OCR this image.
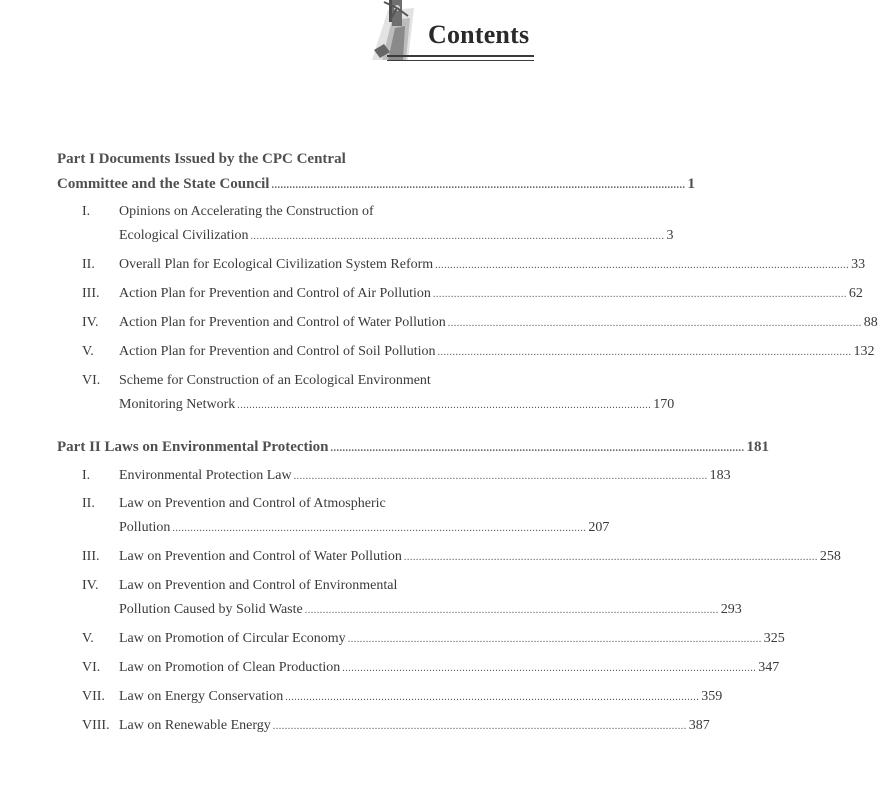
Contents
Part I Documents Issued by the CPC Central
Committee and the State Council .......................................................................................................................................... 1
I. Opinions on Accelerating the Construction of
Ecological Civilization .......................................................................................................................................... 3
II. Overall Plan for Ecological Civilization System Reform .......................................................................................................................................... 33
III. Action Plan for Prevention and Control of Air Pollution .......................................................................................................................................... 62
IV. Action Plan for Prevention and Control of Water Pollution .......................................................................................................................................... 88
V. Action Plan for Prevention and Control of Soil Pollution .......................................................................................................................................... 132
VI. Scheme for Construction of an Ecological Environment
Monitoring Network .......................................................................................................................................... 170
Part II Laws on Environmental Protection .......................................................................................................................................... 181
I. Environmental Protection Law .......................................................................................................................................... 183
II. Law on Prevention and Control of Atmospheric
Pollution .......................................................................................................................................... 207
III. Law on Prevention and Control of Water Pollution .......................................................................................................................................... 258
IV. Law on Prevention and Control of Environmental
Pollution Caused by Solid Waste .......................................................................................................................................... 293
V. Law on Promotion of Circular Economy .......................................................................................................................................... 325
VI. Law on Promotion of Clean Production .......................................................................................................................................... 347
VII. Law on Energy Conservation .......................................................................................................................................... 359
VIII. Law on Renewable Energy .......................................................................................................................................... 387
